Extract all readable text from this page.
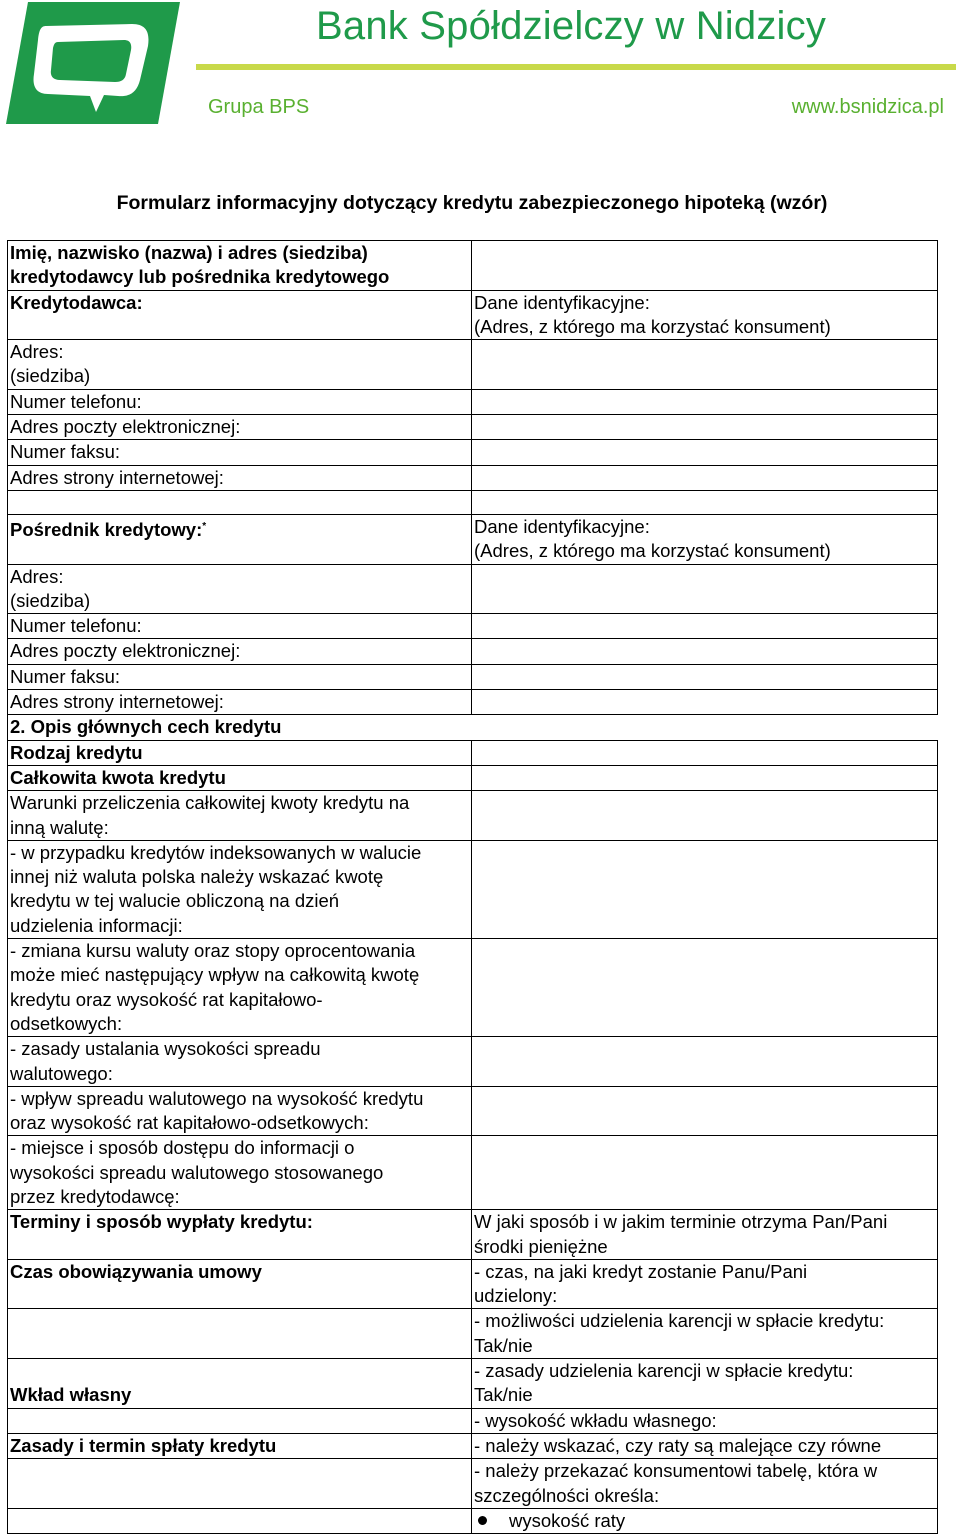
Bank Spółdzielczy w Nidzicy
Grupa BPS	www.bsnidzica.pl
Formularz informacyjny dotyczący kredytu zabezpieczonego hipoteką (wzór)
Imię, nazwisko (nazwa) i adres (siedziba)
kredytodawcy lub pośrednika kredytowego	

Kredytodawca:	Dane identyfikacyjne:
(Adres, z którego ma korzystać konsument)

Adres:
(siedziba)	

Numer telefonu:	
Adres poczty elektronicznej:	
Numer faksu:	
Adres strony internetowej:	

Pośrednik kredytowy:*	Dane identyfikacyjne:
(Adres, z którego ma korzystać konsument)

Adres:
(siedziba)	

Numer telefonu:	
Adres poczty elektronicznej:	
Numer faksu:	
Adres strony internetowej:	
2. Opis głównych cech kredytu	
Rodzaj kredytu	
Całkowita kwota kredytu	

Warunki przeliczenia całkowitej kwoty kredytu na
inną walutę:	

- w przypadku kredytów indeksowanych w walucie
innej niż waluta polska należy wskazać kwotę
kredytu w tej walucie obliczoną na dzień
udzielenia informacji:	

- zmiana kursu waluty oraz stopy oprocentowania
może mieć następujący wpływ na całkowitą kwotę
kredytu oraz wysokość rat kapitałowo-
odsetkowych:	

- zasady ustalania wysokości spreadu
walutowego:	

- wpływ spreadu walutowego na wysokość kredytu
oraz wysokość rat kapitałowo-odsetkowych:	

- miejsce i sposób dostępu do informacji o
wysokości spreadu walutowego stosowanego
przez kredytodawcę:	

Terminy i sposób wypłaty kredytu:	W jaki sposób i w jakim terminie otrzyma Pan/Pani
środki pieniężne

Czas obowiązywania umowy	- czas, na jaki kredyt zostanie Panu/Pani
udzielony:

	- możliwości udzielenia karencji w spłacie kredytu:
Tak/nie

Wkład własny	- zasady udzielenia karencji w spłacie kredytu:
Tak/nie

	- wysokość wkładu własnego:
Zasady i termin spłaty kredytu	- należy wskazać, czy raty są malejące czy równe

	- należy przekazać konsumentowi tabelę, która w
szczególności określa:

	wysokość raty
